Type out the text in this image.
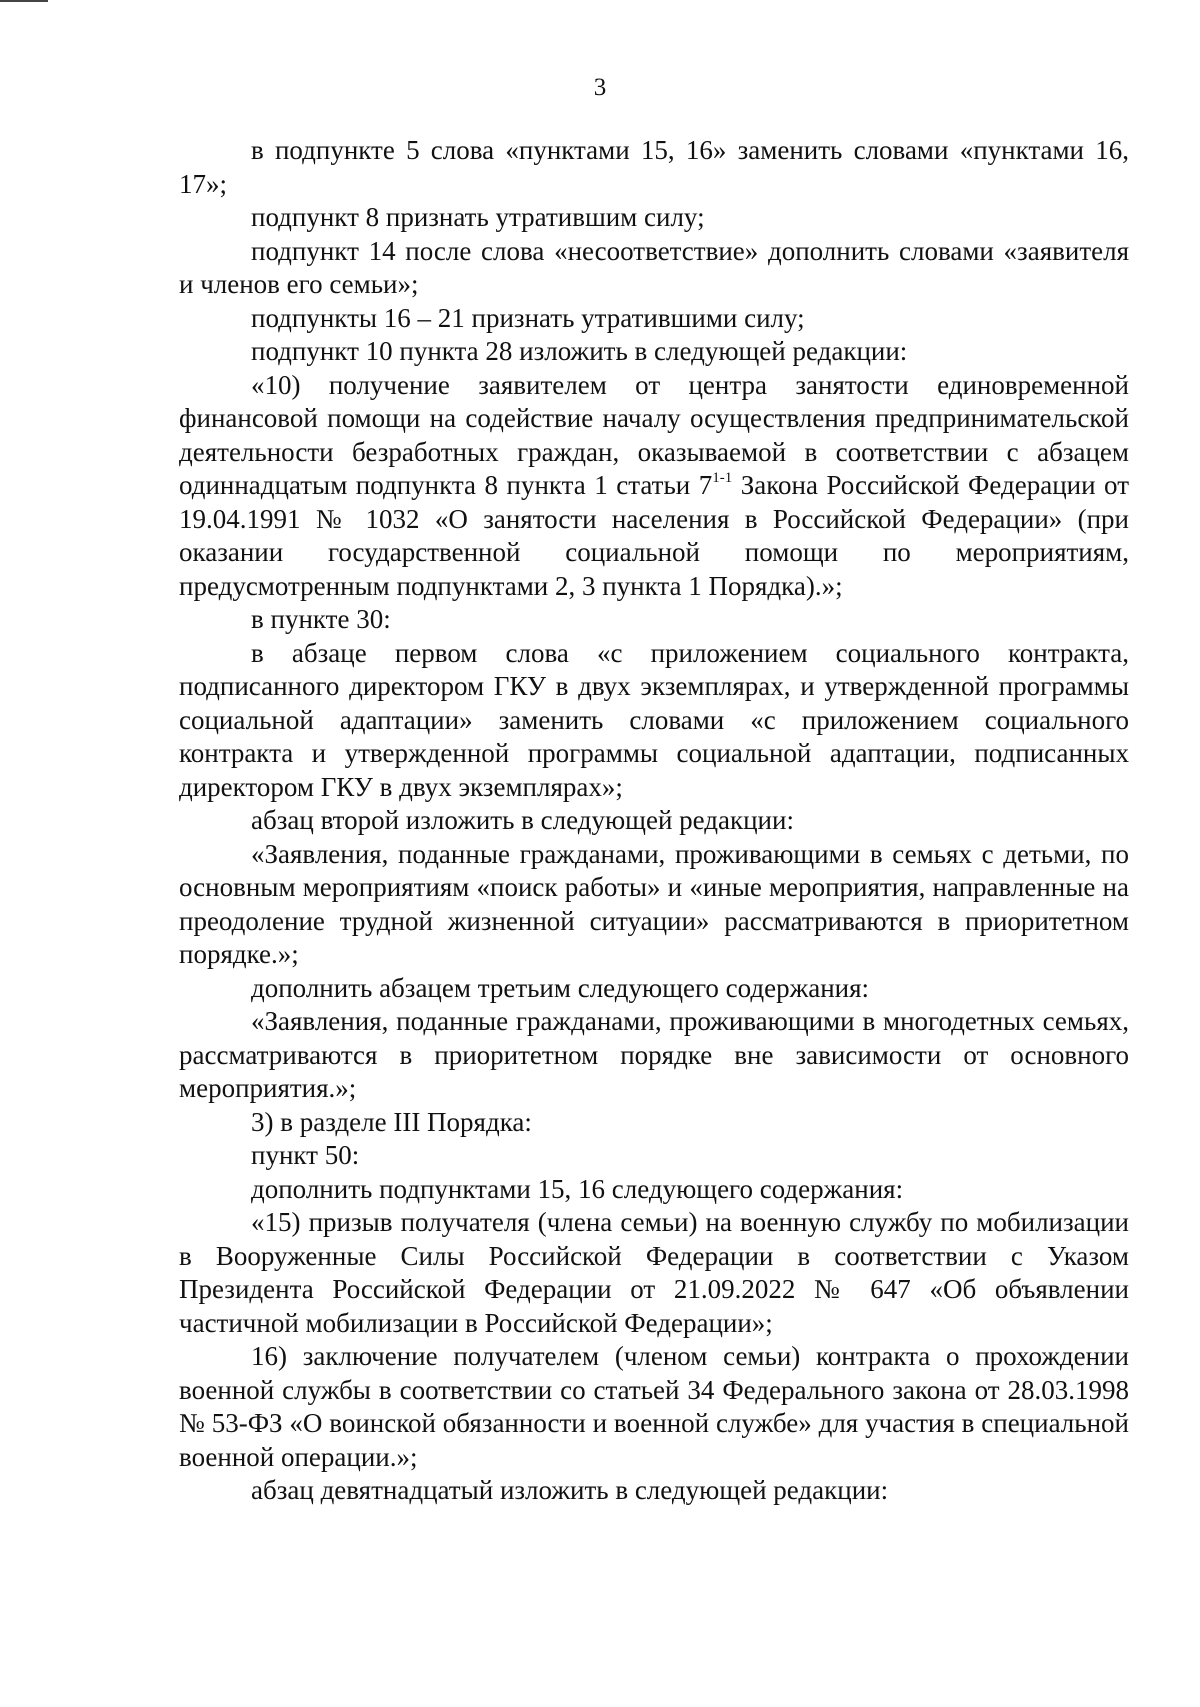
3

в подпункте 5 слова «пунктами 15, 16» заменить словами «пунктами 16, 17»;

подпункт 8 признать утратившим силу;

подпункт 14 после слова «несоответствие» дополнить словами «заявителя и членов его семьи»;

подпункты 16 – 21 признать утратившими силу;

подпункт 10 пункта 28 изложить в следующей редакции:

«10) получение заявителем от центра занятости единовременной финансовой помощи на содействие началу осуществления предпринимательской деятельности безработных граждан, оказываемой в соответствии с абзацем одиннадцатым подпункта 8 пункта 1 статьи 7$^{1-1}$ Закона Российской Федерации от 19.04.1991 № 1032 «О занятости населения в Российской Федерации» (при оказании государственной социальной помощи по мероприятиям, предусмотренным подпунктами 2, 3 пункта 1 Порядка).»;

в пункте 30:

в абзаце первом слова «с приложением социального контракта, подписанного директором ГКУ в двух экземплярах, и утвержденной программы социальной адаптации» заменить словами «с приложением социального контракта и утвержденной программы социальной адаптации, подписанных директором ГКУ в двух экземплярах»;

абзац второй изложить в следующей редакции:

«Заявления, поданные гражданами, проживающими в семьях с детьми, по основным мероприятиям «поиск работы» и «иные мероприятия, направленные на преодоление трудной жизненной ситуации» рассматриваются в приоритетном порядке.»;

дополнить абзацем третьим следующего содержания:

«Заявления, поданные гражданами, проживающими в многодетных семьях, рассматриваются в приоритетном порядке вне зависимости от основного мероприятия.»;

3) в разделе III Порядка:

пункт 50:

дополнить подпунктами 15, 16 следующего содержания:

«15) призыв получателя (члена семьи) на военную службу по мобилизации в Вооруженные Силы Российской Федерации в соответствии с Указом Президента Российской Федерации от 21.09.2022 № 647 «Об объявлении частичной мобилизации в Российской Федерации»;

16) заключение получателем (членом семьи) контракта о прохождении военной службы в соответствии со статьей 34 Федерального закона от 28.03.1998 № 53-ФЗ «О воинской обязанности и военной службе» для участия в специальной военной операции.»;

абзац девятнадцатый изложить в следующей редакции:
